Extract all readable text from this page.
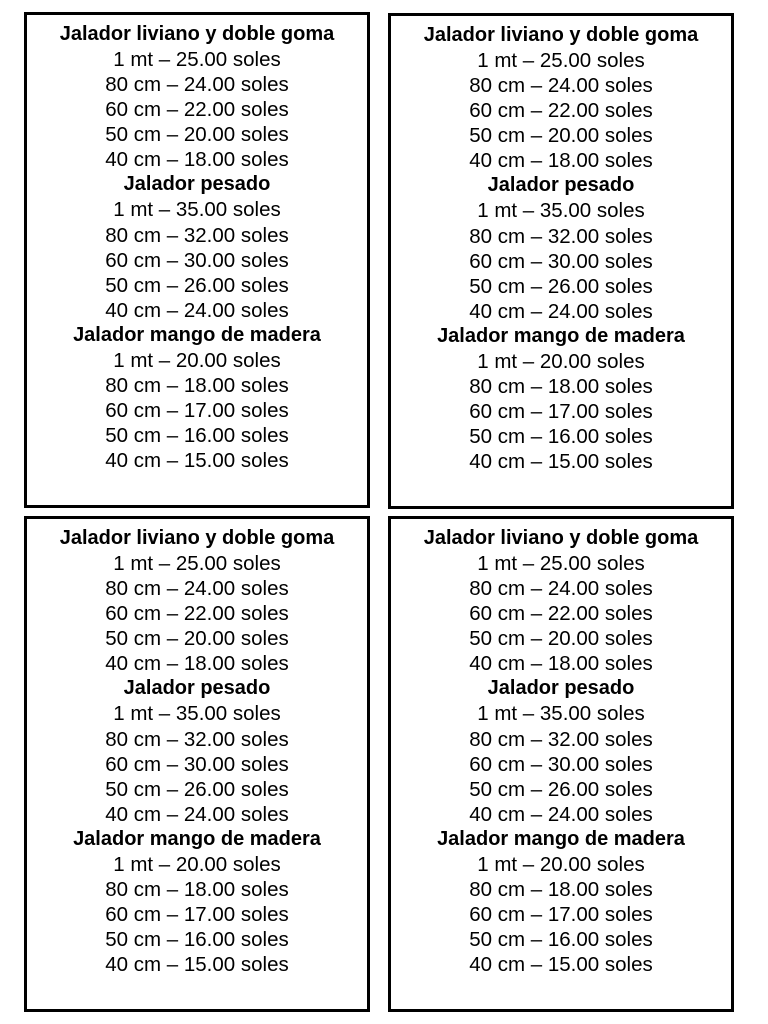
Jalador liviano y doble goma
1 mt – 25.00 soles
80 cm – 24.00 soles
60 cm – 22.00 soles
50 cm – 20.00 soles
40 cm – 18.00 soles
Jalador pesado
1 mt – 35.00 soles
80 cm – 32.00 soles
60 cm – 30.00 soles
50 cm – 26.00 soles
40 cm – 24.00 soles
Jalador mango de madera
1 mt – 20.00 soles
80 cm – 18.00 soles
60 cm – 17.00 soles
50 cm – 16.00 soles
40 cm – 15.00 soles
Jalador liviano y doble goma
1 mt – 25.00 soles
80 cm – 24.00 soles
60 cm – 22.00 soles
50 cm – 20.00 soles
40 cm – 18.00 soles
Jalador pesado
1 mt – 35.00 soles
80 cm – 32.00 soles
60 cm – 30.00 soles
50 cm – 26.00 soles
40 cm – 24.00 soles
Jalador mango de madera
1 mt – 20.00 soles
80 cm – 18.00 soles
60 cm – 17.00 soles
50 cm – 16.00 soles
40 cm – 15.00 soles
Jalador liviano y doble goma
1 mt – 25.00 soles
80 cm – 24.00 soles
60 cm – 22.00 soles
50 cm – 20.00 soles
40 cm – 18.00 soles
Jalador pesado
1 mt – 35.00 soles
80 cm – 32.00 soles
60 cm – 30.00 soles
50 cm – 26.00 soles
40 cm – 24.00 soles
Jalador mango de madera
1 mt – 20.00 soles
80 cm – 18.00 soles
60 cm – 17.00 soles
50 cm – 16.00 soles
40 cm – 15.00 soles
Jalador liviano y doble goma
1 mt – 25.00 soles
80 cm – 24.00 soles
60 cm – 22.00 soles
50 cm – 20.00 soles
40 cm – 18.00 soles
Jalador pesado
1 mt – 35.00 soles
80 cm – 32.00 soles
60 cm – 30.00 soles
50 cm – 26.00 soles
40 cm – 24.00 soles
Jalador mango de madera
1 mt – 20.00 soles
80 cm – 18.00 soles
60 cm – 17.00 soles
50 cm – 16.00 soles
40 cm – 15.00 soles
